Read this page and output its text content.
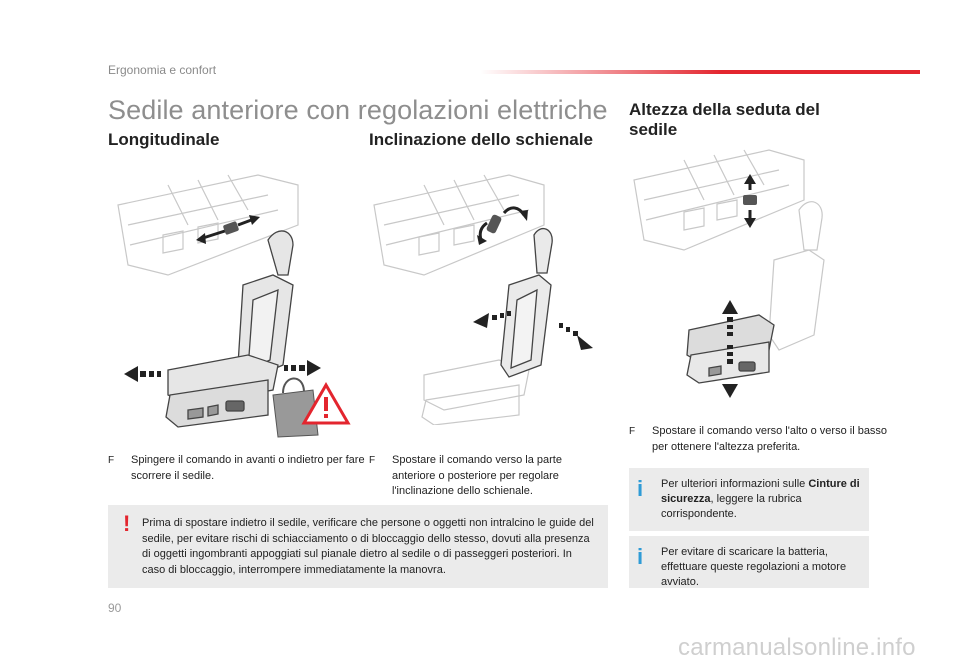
Ergonomia e confort
Sedile anteriore con regolazioni elettriche
Longitudinale	Inclinazione dello schienale
Altezza della seduta del sedile
F Spingere il comando in avanti o indietro per fare scorrere il sedile.
F Spostare il comando verso la parte anteriore o posteriore per regolare l'inclinazione dello schienale.
F Spostare il comando verso l'alto o verso il basso per ottenere l'altezza preferita.
! Prima di spostare indietro il sedile, verificare che persone o oggetti non intralcino le guide del sedile, per evitare rischi di schiacciamento o di bloccaggio dello stesso, dovuti alla presenza di oggetti ingombranti appoggiati sul pianale dietro al sedile o di passeggeri posteriori. In caso di bloccaggio, interrompere immediatamente la manovra.
i Per ulteriori informazioni sulle Cinture di sicurezza, leggere la rubrica corrispondente.
i Per evitare di scaricare la batteria, effettuare queste regolazioni a motore avviato.
90
carmanualsonline.info
